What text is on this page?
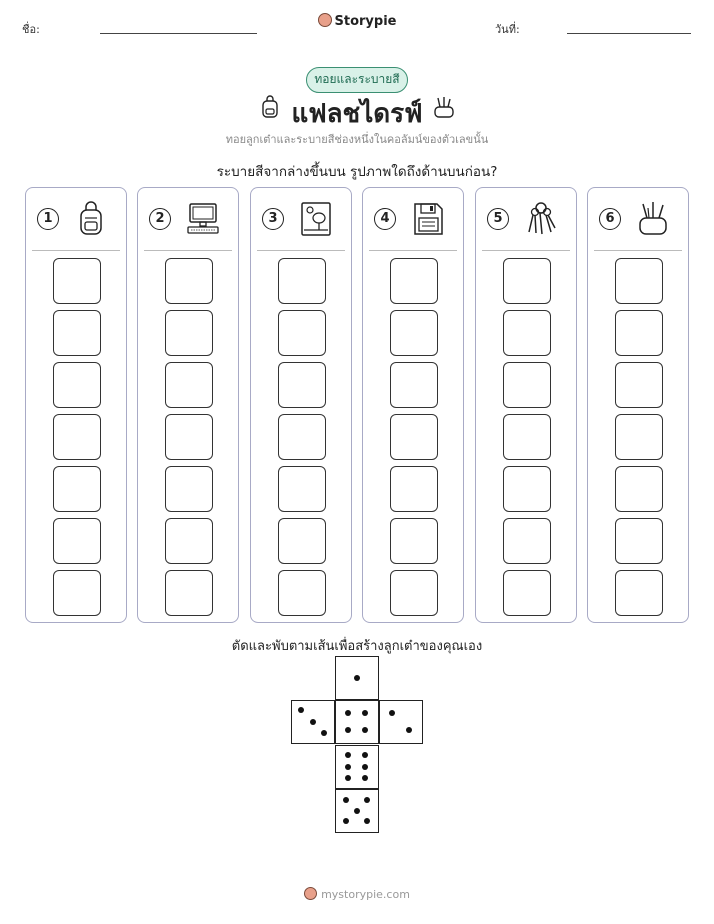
ชื่อ:
Storypie
วันที่:
ทอยและระบายสี
แฟลชไดรฟ์
ทอยลูกเต๋าและระบายสีช่องหนึ่งในคอลัมน์ของตัวเลขนั้น
ระบายสีจากล่างขึ้นบน รูปภาพใดถึงด้านบนก่อน?
1	2	3	4	5	6
ตัดและพับตามเส้นเพื่อสร้างลูกเต๋าของคุณเอง
mystorypie.com
